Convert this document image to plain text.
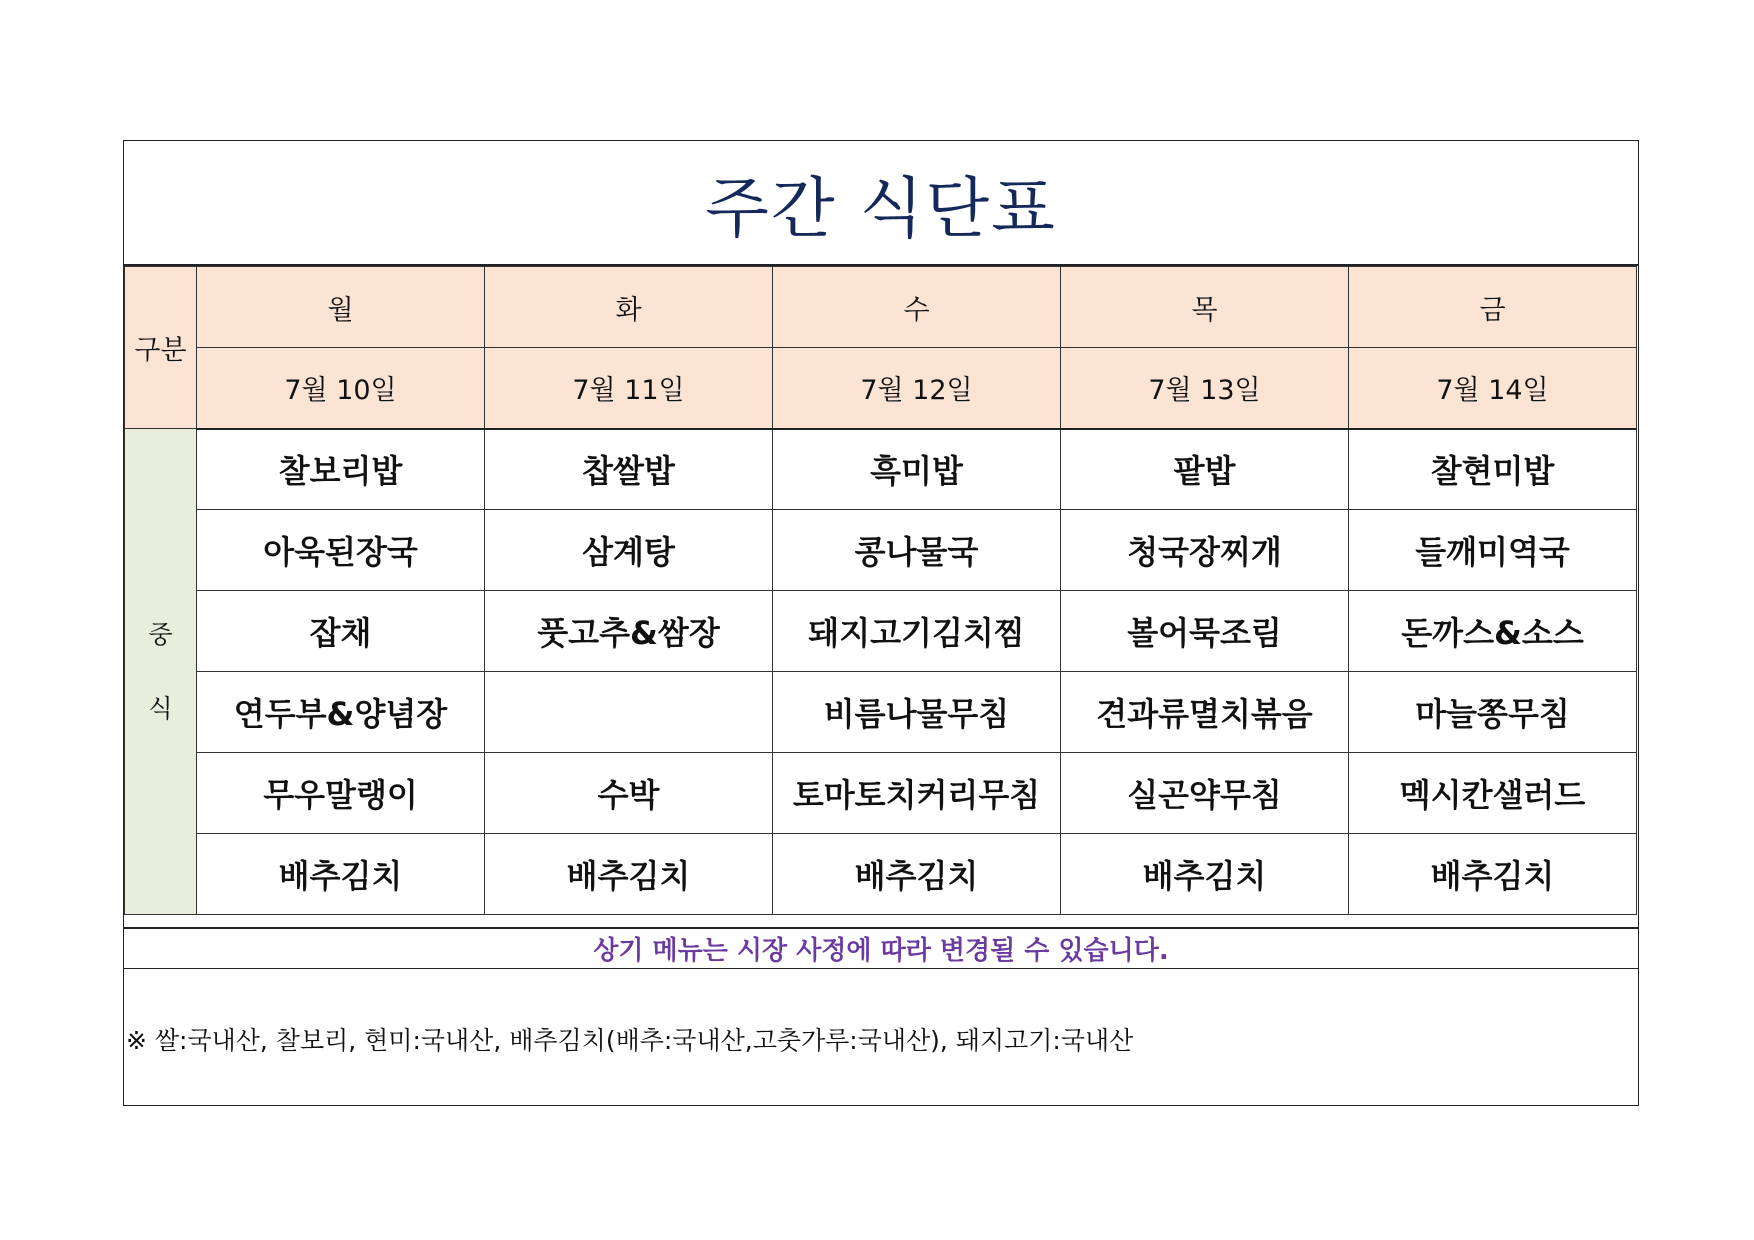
주간 식단표
구분	월	화	수	목	금
	7월 10일	7월 11일	7월 12일	7월 13일	7월 14일
중식	찰보리밥	찹쌀밥	흑미밥	팥밥	찰현미밥
	아욱된장국	삼계탕	콩나물국	청국장찌개	들깨미역국
	잡채	풋고추&쌈장	돼지고기김치찜	볼어묵조림	돈까스&소스
	연두부&양념장		비름나물무침	견과류멸치볶음	마늘쫑무침
	무우말랭이	수박	토마토치커리무침	실곤약무침	멕시칸샐러드
	배추김치	배추김치	배추김치	배추김치	배추김치
상기 메뉴는 시장 사정에 따라 변경될 수 있습니다.
※ 쌀:국내산, 찰보리, 현미:국내산, 배추김치(배추:국내산,고춧가루:국내산), 돼지고기:국내산
